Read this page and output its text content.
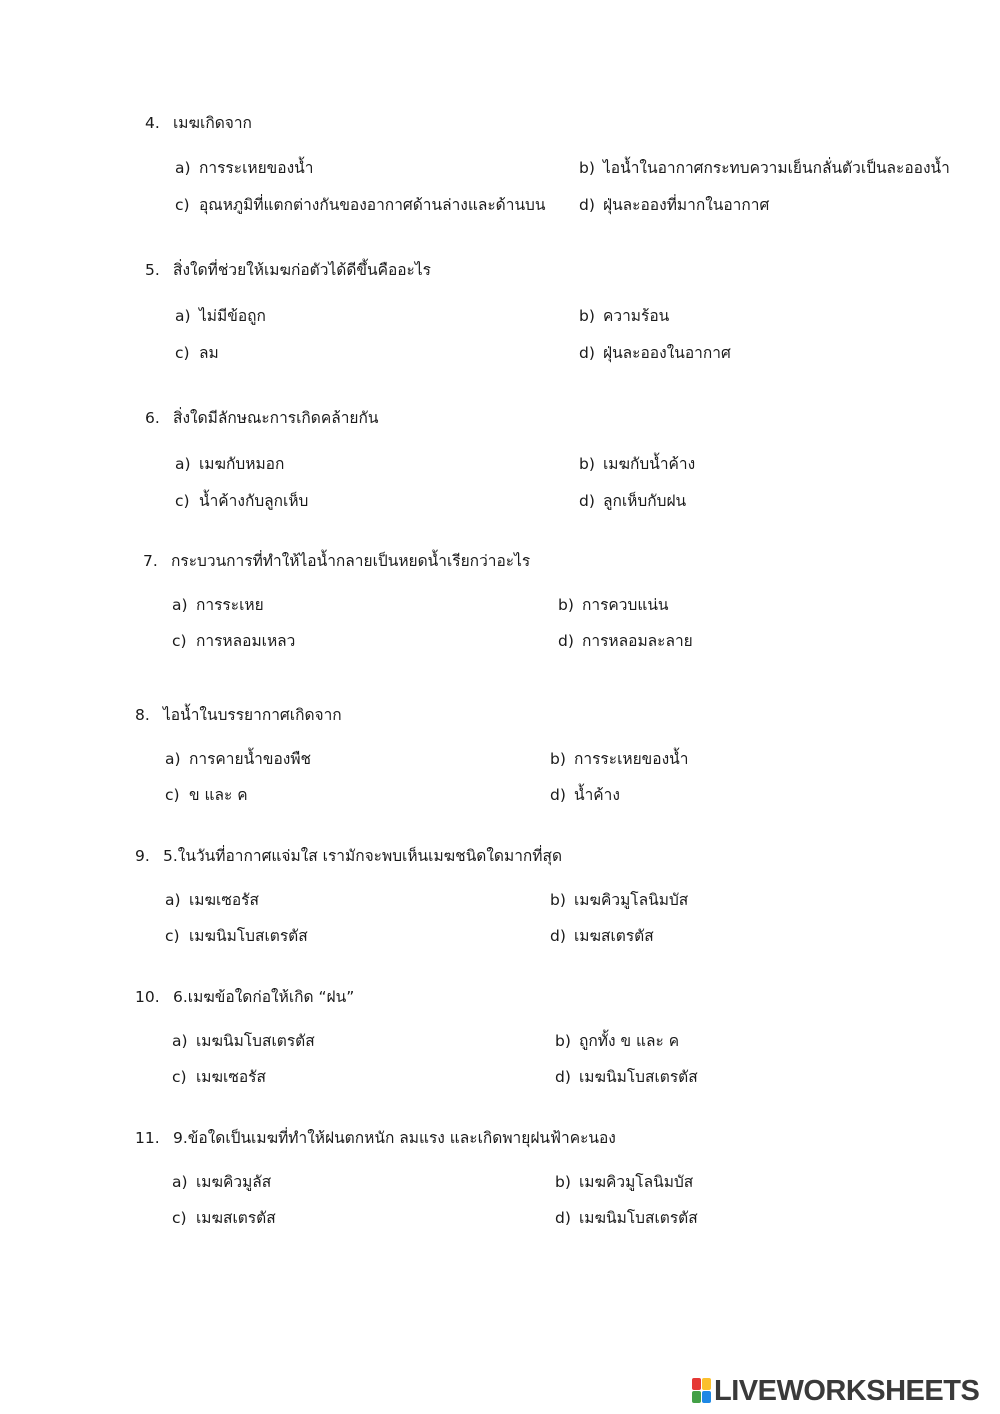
4. เมฆเกิดจาก
a) การระเหยของน้ำ	b) ไอน้ำในอากาศกระทบความเย็นกลั่นตัวเป็นละอองน้ำ
c) อุณหภูมิที่แตกต่างกันของอากาศด้านล่างและด้านบน d) ฝุ่นละอองที่มากในอากาศ
5. สิ่งใดที่ช่วยให้เมฆก่อตัวได้ดีขึ้นคืออะไร
a) ไม่มีข้อถูก	b) ความร้อน
c) ลม	d) ฝุ่นละอองในอากาศ
6. สิ่งใดมีลักษณะการเกิดคล้ายกัน
a) เมฆกับหมอก	b) เมฆกับน้ำค้าง
c) น้ำค้างกับลูกเห็บ	d) ลูกเห็บกับฝน
7. กระบวนการที่ทำให้ไอน้ำกลายเป็นหยดน้ำเรียกว่าอะไร
a) การระเหย	b) การควบแน่น
c) การหลอมเหลว	d) การหลอมละลาย
8. ไอน้ำในบรรยากาศเกิดจาก
a) การคายน้ำของพืช	b) การระเหยของน้ำ
c) ข และ ค	d) น้ำค้าง
9. 5.ในวันที่อากาศแจ่มใส เรามักจะพบเห็นเมฆชนิดใดมากที่สุด
a) เมฆเซอรัส	b) เมฆคิวมูโลนิมบัส
c) เมฆนิมโบสเตรตัส	d) เมฆสเตรตัส
10. 6.เมฆข้อใดก่อให้เกิด “ฝน”
a) เมฆนิมโบสเตรตัส	b) ถูกทั้ง ข และ ค
c) เมฆเซอรัส	d) เมฆนิมโบสเตรตัส
11. 9.ข้อใดเป็นเมฆที่ทำให้ฝนตกหนัก ลมแรง และเกิดพายุฝนฟ้าคะนอง
a) เมฆคิวมูลัส	b) เมฆคิวมูโลนิมบัส
c) เมฆสเตรตัส	d) เมฆนิมโบสเตรตัส
LIVEWORKSHEETS
